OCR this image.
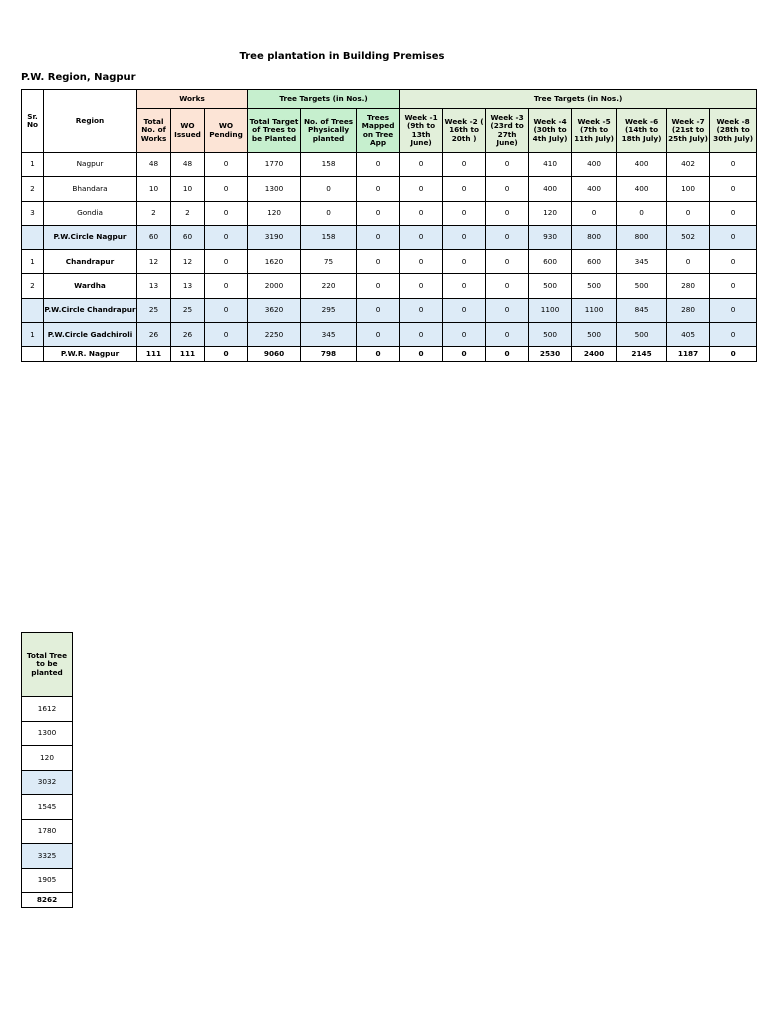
Tree plantation in Building Premises
P.W. Region, Nagpur
Sr. No	Region	Works			Tree Targets (in Nos.)			Tree Targets (in Nos.)							
		Total No. of Works	WO Issued	WO Pending	Total Target of Trees to be Planted	No. of Trees Physically planted	Trees Mapped on Tree App	Week -1 (9th to 13th June)	Week -2 ( 16th to 20th )	Week -3 (23rd to 27th June)	Week -4 (30th to 4th July)	Week -5 (7th to 11th July)	Week -6 (14th to 18th July)	Week -7 (21st to 25th July)	Week -8 (28th to 30th July)
1	Nagpur	48	48	0	1770	158	0	0	0	0	410	400	400	402	0
2	Bhandara	10	10	0	1300	0	0	0	0	0	400	400	400	100	0
3	Gondia	2	2	0	120	0	0	0	0	0	120	0	0	0	0
	P.W.Circle Nagpur	60	60	0	3190	158	0	0	0	0	930	800	800	502	0
1	Chandrapur	12	12	0	1620	75	0	0	0	0	600	600	345	0	0
2	Wardha	13	13	0	2000	220	0	0	0	0	500	500	500	280	0
	P.W.Circle Chandrapur	25	25	0	3620	295	0	0	0	0	1100	1100	845	280	0
1	P.W.Circle Gadchiroli	26	26	0	2250	345	0	0	0	0	500	500	500	405	0
	P.W.R. Nagpur	111	111	0	9060	798	0	0	0	0	2530	2400	2145	1187	0
Total Tree to be planted
1612
1300
120
3032
1545
1780
3325
1905
8262
